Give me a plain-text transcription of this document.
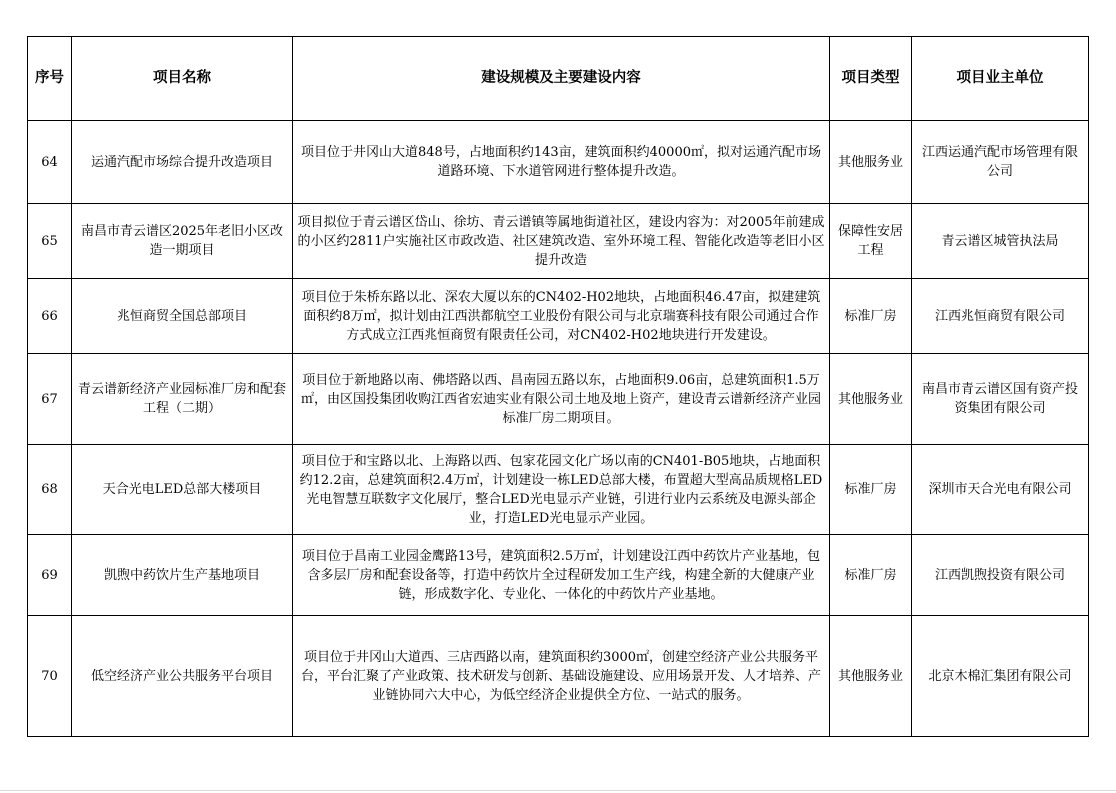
序号	项目名称	建设规模及主要建设内容	项目类型	项目业主单位
64	运通汽配市场综合提升改造项目	项目位于井冈山大道848号，占地面积约143亩，建筑面积约40000㎡，拟对运通汽配市场道路环境、下水道管网进行整体提升改造。	其他服务业	江西运通汽配市场管理有限公司
65	南昌市青云谱区2025年老旧小区改造一期项目	项目拟位于青云谱区岱山、徐坊、青云谱镇等属地街道社区，建设内容为：对2005年前建成的小区约2811户实施社区市政改造、社区建筑改造、室外环境工程、智能化改造等老旧小区提升改造	保障性安居工程	青云谱区城管执法局
66	兆恒商贸全国总部项目	项目位于朱桥东路以北、深农大厦以东的CN402-H02地块，占地面积46.47亩，拟建建筑面积约8万㎡，拟计划由江西洪都航空工业股份有限公司与北京瑞赛科技有限公司通过合作方式成立江西兆恒商贸有限责任公司，对CN402-H02地块进行开发建设。	标准厂房	江西兆恒商贸有限公司
67	青云谱新经济产业园标准厂房和配套工程（二期）	项目位于新地路以南、佛塔路以西、昌南园五路以东，占地面积9.06亩，总建筑面积1.5万㎡，由区国投集团收购江西省宏迪实业有限公司土地及地上资产，建设青云谱新经济产业园标准厂房二期项目。	其他服务业	南昌市青云谱区国有资产投资集团有限公司
68	天合光电LED总部大楼项目	项目位于和宝路以北、上海路以西、包家花园文化广场以南的CN401-B05地块，占地面积约12.2亩，总建筑面积2.4万㎡，计划建设一栋LED总部大楼，布置超大型高品质规格LED光电智慧互联数字文化展厅，整合LED光电显示产业链，引进行业内云系统及电源头部企业，打造LED光电显示产业园。	标准厂房	深圳市天合光电有限公司
69	凯煦中药饮片生产基地项目	项目位于昌南工业园金鹰路13号，建筑面积2.5万㎡，计划建设江西中药饮片产业基地，包含多层厂房和配套设备等，打造中药饮片全过程研发加工生产线，构建全新的大健康产业链，形成数字化、专业化、一体化的中药饮片产业基地。	标准厂房	江西凯煦投资有限公司
70	低空经济产业公共服务平台项目	项目位于井冈山大道西、三店西路以南，建筑面积约3000㎡，创建空经济产业公共服务平台，平台汇聚了产业政策、技术研发与创新、基础设施建设、应用场景开发、人才培养、产业链协同六大中心，为低空经济企业提供全方位、一站式的服务。	其他服务业	北京木棉汇集团有限公司
